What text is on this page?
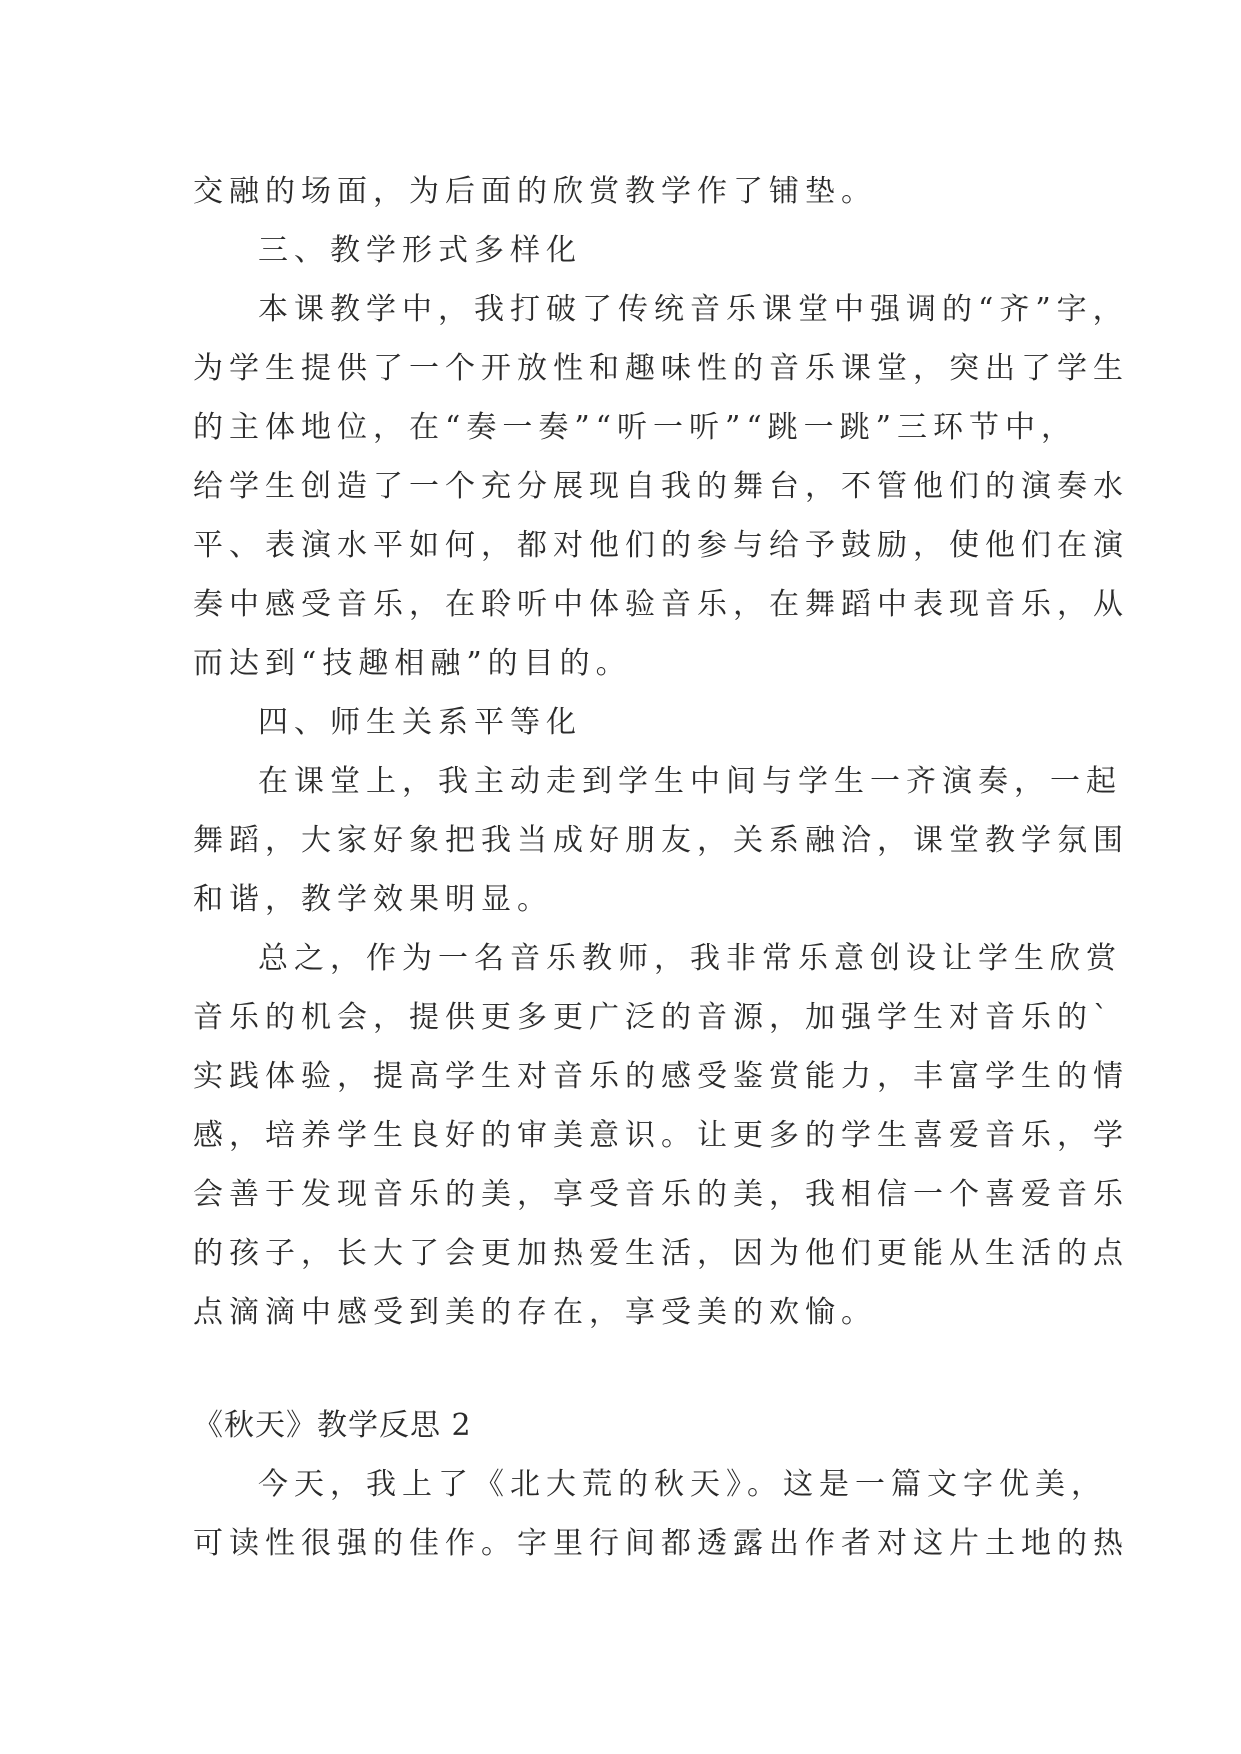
交融的场面，为后面的欣赏教学作了铺垫。
三、教学形式多样化
本课教学中，我打破了传统音乐课堂中强调的“齐”字，
为学生提供了一个开放性和趣味性的音乐课堂，突出了学生
的主体地位，在“奏一奏”“听一听”“跳一跳”三环节中，
给学生创造了一个充分展现自我的舞台，不管他们的演奏水
平、表演水平如何，都对他们的参与给予鼓励，使他们在演
奏中感受音乐，在聆听中体验音乐，在舞蹈中表现音乐，从
而达到“技趣相融”的目的。
四、师生关系平等化
在课堂上，我主动走到学生中间与学生一齐演奏，一起
舞蹈，大家好象把我当成好朋友，关系融洽，课堂教学氛围
和谐，教学效果明显。
总之，作为一名音乐教师，我非常乐意创设让学生欣赏
音乐的机会，提供更多更广泛的音源，加强学生对音乐的`
实践体验，提高学生对音乐的感受鉴赏能力，丰富学生的情
感，培养学生良好的审美意识。让更多的学生喜爱音乐，学
会善于发现音乐的美，享受音乐的美，我相信一个喜爱音乐
的孩子，长大了会更加热爱生活，因为他们更能从生活的点
点滴滴中感受到美的存在，享受美的欢愉。
《秋天》教学反思 2
今天，我上了《北大荒的秋天》。这是一篇文字优美，
可读性很强的佳作。字里行间都透露出作者对这片土地的热
